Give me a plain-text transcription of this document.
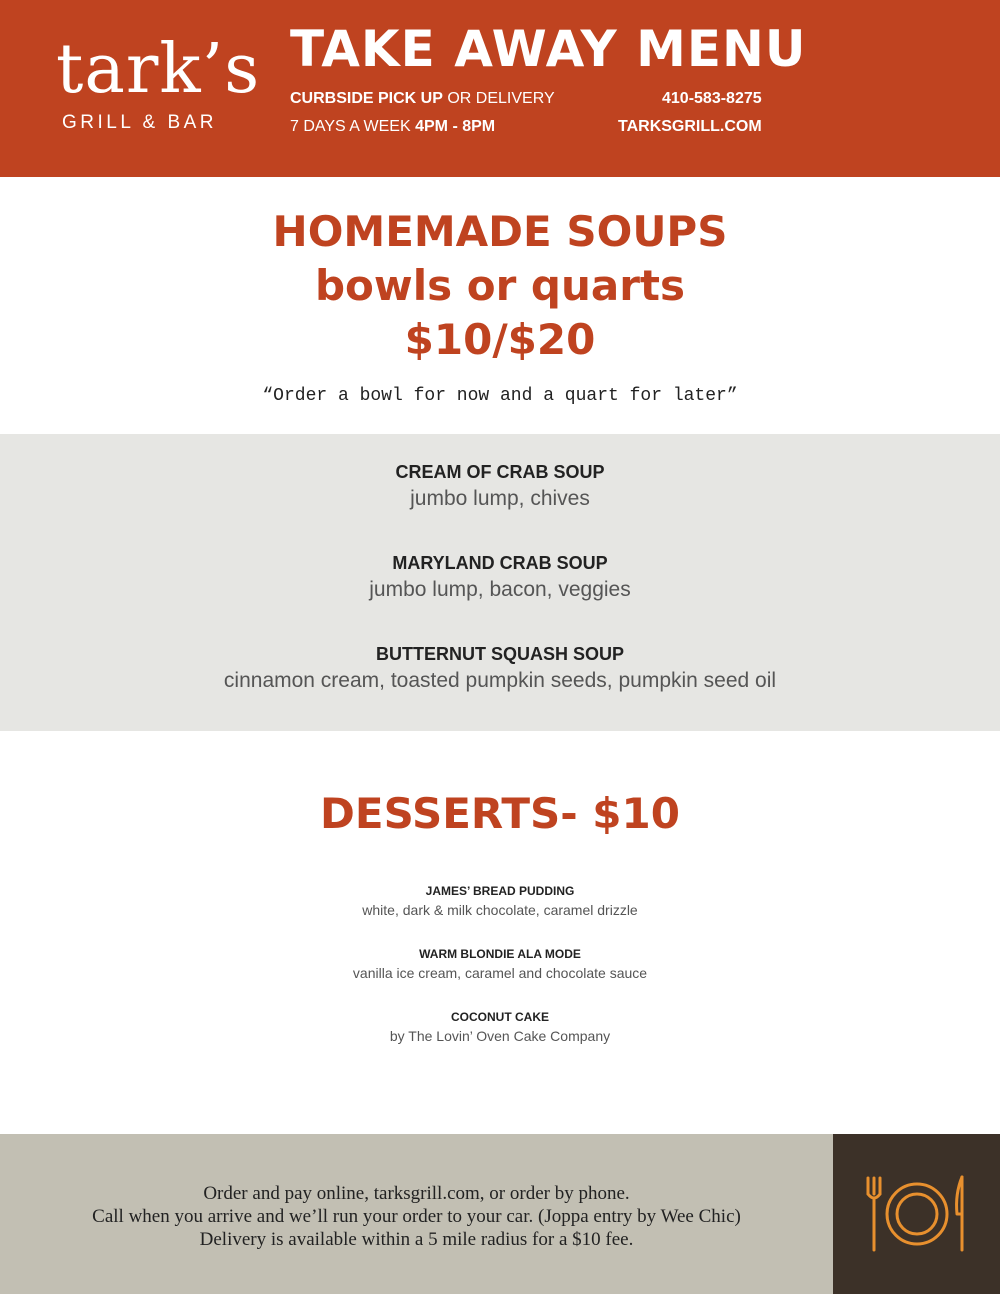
tark’s
GRILL & BAR
TAKE AWAY MENU
CURBSIDE PICK UP OR DELIVERY
7 DAYS A WEEK 4PM - 8PM
410-583-8275
TARKSGRILL.COM
HOMEMADE SOUPS
bowls or quarts
$10/$20
“Order a bowl for now and a quart for later”
CREAM OF CRAB SOUP
jumbo lump, chives
MARYLAND CRAB SOUP
jumbo lump, bacon, veggies
BUTTERNUT SQUASH SOUP
cinnamon cream, toasted pumpkin seeds, pumpkin seed oil
DESSERTS- $10
JAMES’ BREAD PUDDING
white, dark & milk chocolate, caramel drizzle
WARM BLONDIE ALA MODE
vanilla ice cream, caramel and chocolate sauce
COCONUT CAKE
by The Lovin’ Oven Cake Company
Order and pay online, tarksgrill.com, or order by phone.
Call when you arrive and we’ll run your order to your car. (Joppa entry by Wee Chic)
Delivery is available within a 5 mile radius for a $10 fee.
